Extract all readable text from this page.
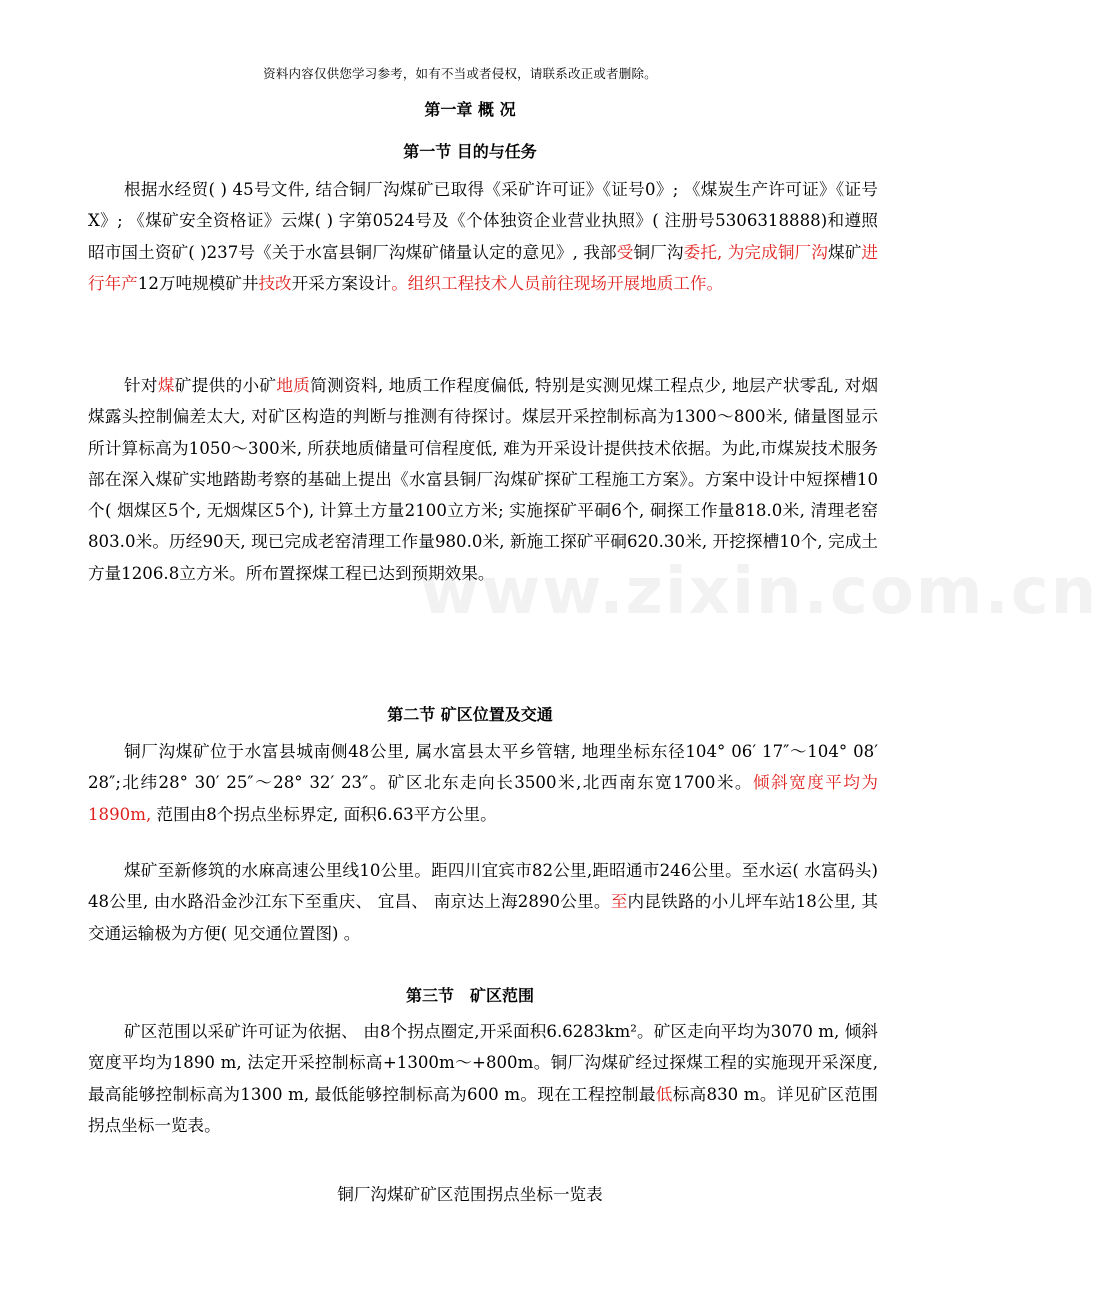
www.zixin.com.cn
资料内容仅供您学习参考，如有不当或者侵权，请联系改正或者删除。
第一章 概 况
第一节 目的与任务
根据水经贸( ) 45号文件, 结合铜厂沟煤矿已取得《采矿许可证》《证号0》; 《煤炭生产许可证》《证号X》; 《煤矿安全资格证》云煤( ) 字第0524号及《个体独资企业营业执照》( 注册号5306318888)和遵照昭市国土资矿( )237号《关于水富县铜厂沟煤矿储量认定的意见》, 我部受铜厂沟委托, 为完成铜厂沟煤矿进行年产12万吨规模矿井技改开采方案设计。组织工程技术人员前往现场开展地质工作。
针对煤矿提供的小矿地质简测资料, 地质工作程度偏低, 特别是实测见煤工程点少, 地层产状零乱, 对烟煤露头控制偏差太大, 对矿区构造的判断与推测有待探讨。煤层开采控制标高为1300～800米, 储量图显示所计算标高为1050～300米, 所获地质储量可信程度低, 难为开采设计提供技术依据。为此,市煤炭技术服务部在深入煤矿实地踏勘考察的基础上提出《水富县铜厂沟煤矿探矿工程施工方案》。方案中设计中短探槽10个( 烟煤区5个, 无烟煤区5个), 计算土方量2100立方米; 实施探矿平硐6个, 硐探工作量818.0米, 清理老窑803.0米。历经90天, 现已完成老窑清理工作量980.0米, 新施工探矿平硐620.30米, 开挖探槽10个, 完成土方量1206.8立方米。所布置探煤工程已达到预期效果。
第二节 矿区位置及交通
铜厂沟煤矿位于水富县城南侧48公里, 属水富县太平乡管辖, 地理坐标东径104° 06′ 17″～104° 08′ 28″;北纬28° 30′ 25″～28° 32′ 23″。矿区北东走向长3500米,北西南东宽1700米。倾斜宽度平均为1890m, 范围由8个拐点坐标界定, 面积6.63平方公里。
煤矿至新修筑的水麻高速公里线10公里。距四川宜宾市82公里,距昭通市246公里。至水运( 水富码头) 48公里, 由水路沿金沙江东下至重庆、 宜昌、 南京达上海2890公里。至内昆铁路的小儿坪车站18公里, 其交通运输极为方便( 见交通位置图) 。
第三节　矿区范围
矿区范围以采矿许可证为依据、 由8个拐点圈定,开采面积6.6283km²。矿区走向平均为3070 m, 倾斜宽度平均为1890 m, 法定开采控制标高+1300m～+800m。铜厂沟煤矿经过探煤工程的实施现开采深度, 最高能够控制标高为1300 m, 最低能够控制标高为600 m。现在工程控制最低标高830 m。详见矿区范围拐点坐标一览表。
铜厂沟煤矿矿区范围拐点坐标一览表
